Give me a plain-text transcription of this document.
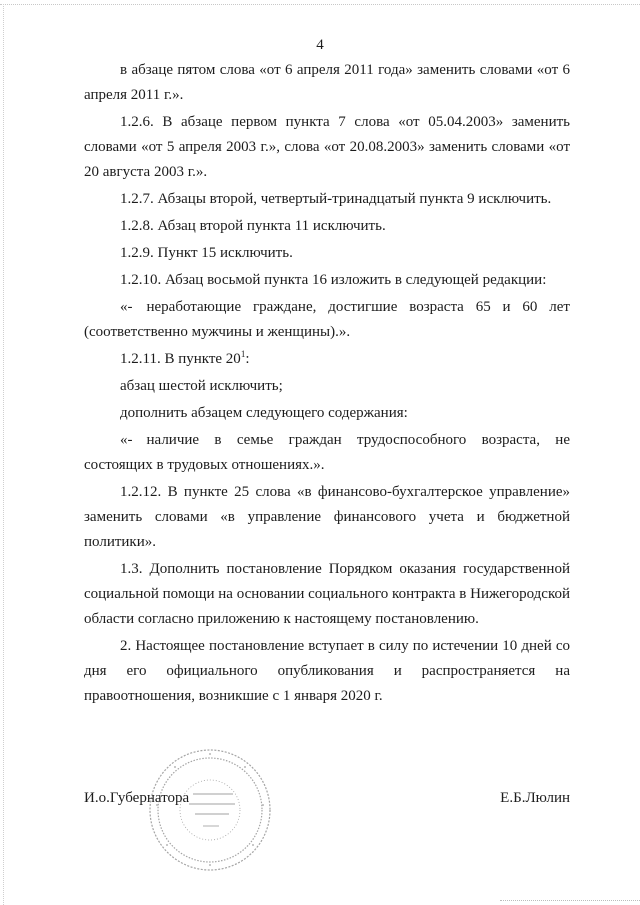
4

в абзаце пятом слова «от 6 апреля 2011 года» заменить словами «от 6 апреля 2011 г.».

1.2.6. В абзаце первом пункта 7 слова «от 05.04.2003» заменить словами «от 5 апреля 2003 г.», слова «от 20.08.2003» заменить словами «от 20 августа 2003 г.».

1.2.7. Абзацы второй, четвертый-тринадцатый пункта 9 исключить.

1.2.8. Абзац второй пункта 11 исключить.

1.2.9. Пункт 15 исключить.

1.2.10. Абзац восьмой пункта 16 изложить в следующей редакции:

«- неработающие граждане, достигшие возраста 65 и 60 лет (соответственно мужчины и женщины).».

1.2.11. В пункте $20^1$:

абзац шестой исключить;

дополнить абзацем следующего содержания:

«- наличие в семье граждан трудоспособного возраста, не состоящих в трудовых отношениях.».

1.2.12. В пункте 25 слова «в финансово-бухгалтерское управление» заменить словами «в управление финансового учета и бюджетной политики».

1.3. Дополнить постановление Порядком оказания государственной социальной помощи на основании социального контракта в Нижегородской области согласно приложению к настоящему постановлению.

2. Настоящее постановление вступает в силу по истечении 10 дней со дня его официального опубликования и распространяется на правоотношения, возникшие с 1 января 2020 г.

И.о.Губернатора	Е.Б.Люлин
